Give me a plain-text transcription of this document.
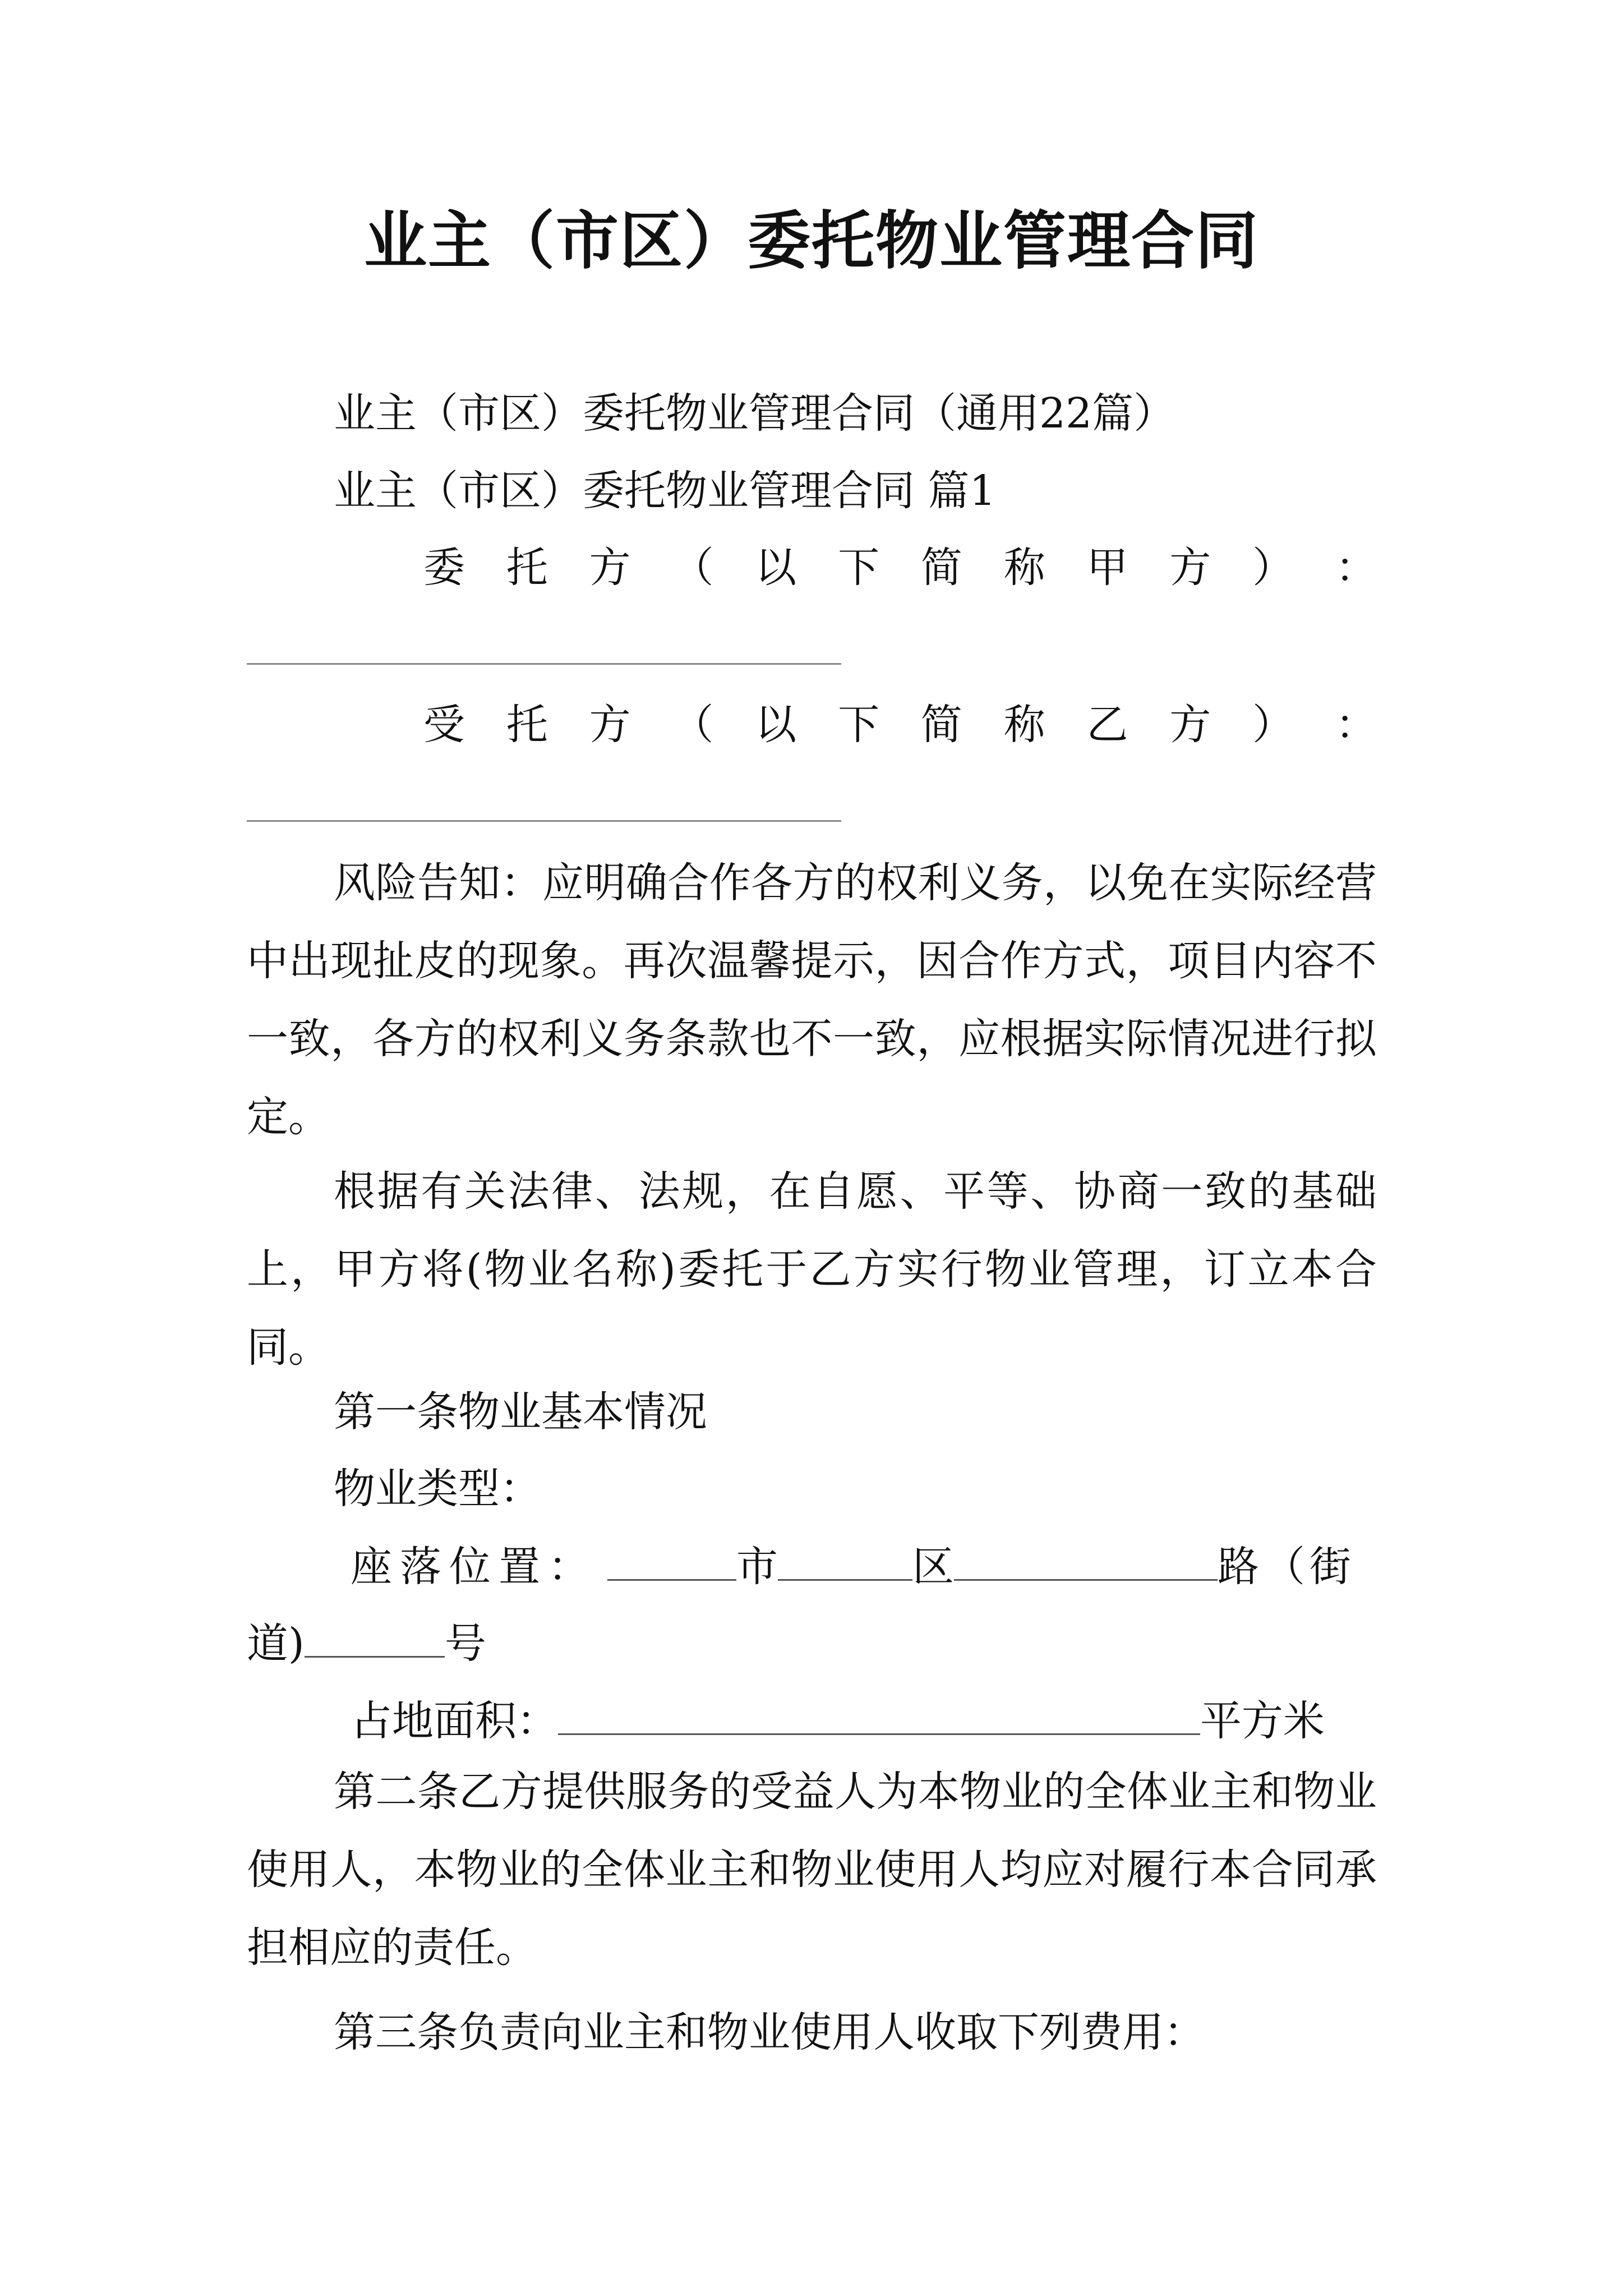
业主（市区）委托物业管理合同
业主（市区）委托物业管理合同（通用22篇）
业主（市区）委托物业管理合同 篇1
委 托 方 （ 以 下 简 称 甲 方 ） ：
受 托 方 （ 以 下 简 称 乙 方 ） ：
风险告知：应明确合作各方的权利义务，以免在实际经营中出现扯皮的现象。再次温馨提示，因合作方式，项目内容不一致，各方的权利义务条款也不一致，应根据实际情况进行拟定。
根据有关法律、法规，在自愿、平等、协商一致的基础上，甲方将(物业名称)委托于乙方实行物业管理，订立本合同。
第一条物业基本情况
物业类型：
座落位置：	市	区	路（街
道)	号
占地面积：	平方米
第二条乙方提供服务的受益人为本物业的全体业主和物业使用人，本物业的全体业主和物业使用人均应对履行本合同承担相应的责任。
第三条负责向业主和物业使用人收取下列费用：
